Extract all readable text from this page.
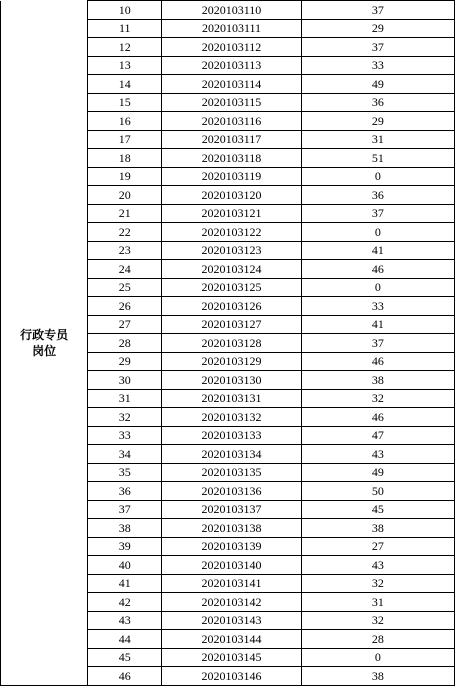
行政专员
岗位	10	2020103110	37
	11	2020103111	29
	12	2020103112	37
	13	2020103113	33
	14	2020103114	49
	15	2020103115	36
	16	2020103116	29
	17	2020103117	31
	18	2020103118	51
	19	2020103119	0
	20	2020103120	36
	21	2020103121	37
	22	2020103122	0
	23	2020103123	41
	24	2020103124	46
	25	2020103125	0
	26	2020103126	33
	27	2020103127	41
	28	2020103128	37
	29	2020103129	46
	30	2020103130	38
	31	2020103131	32
	32	2020103132	46
	33	2020103133	47
	34	2020103134	43
	35	2020103135	49
	36	2020103136	50
	37	2020103137	45
	38	2020103138	38
	39	2020103139	27
	40	2020103140	43
	41	2020103141	32
	42	2020103142	31
	43	2020103143	32
	44	2020103144	28
	45	2020103145	0
	46	2020103146	38
